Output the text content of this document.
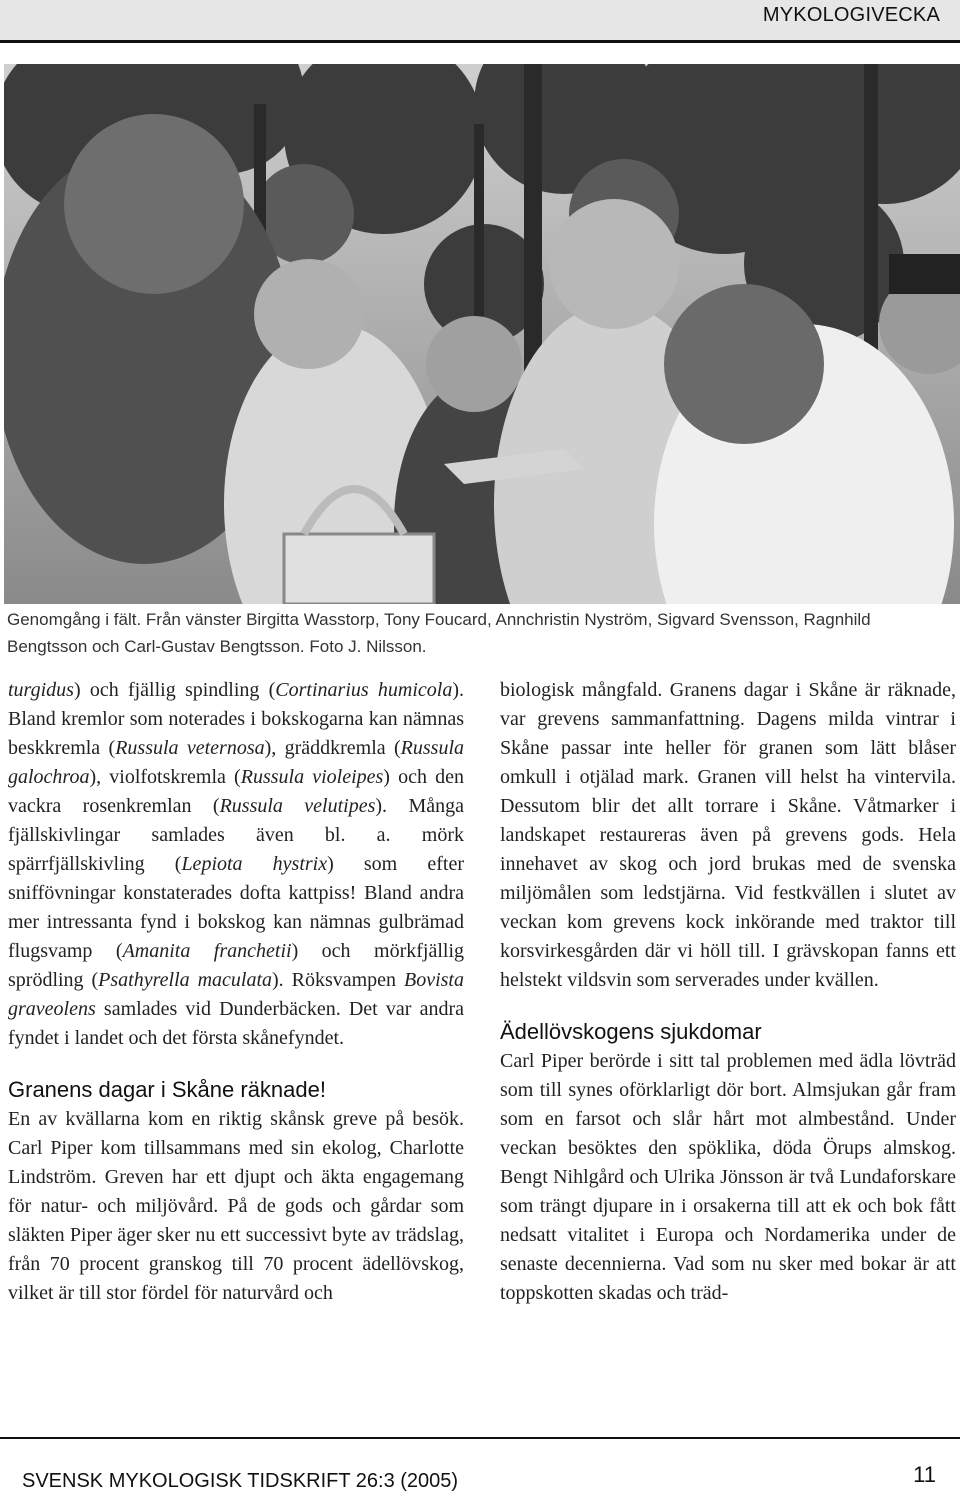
MYKOLOGIVECKA
Genomgång i fält. Från vänster Birgitta Wasstorp, Tony Foucard, Annchristin Nyström, Sigvard Svensson, Ragnhild Bengtsson och Carl-Gustav Bengtsson. Foto J. Nilsson.

turgidus) och fjällig spindling (Cortinarius humicola). Bland kremlor som noterades i bokskogarna kan nämnas beskkremla (Russula veternosa), gräddkremla (Russula galochroa), violfotskremla (Russula violeipes) och den vackra rosenkremlan (Russula velutipes). Många fjällskivlingar samlades även bl. a. mörk spärrfjällskivling (Lepiota hystrix) som efter sniffövningar konstaterades dofta kattpiss! Bland andra mer intressanta fynd i bokskog kan nämnas gulbrämad flugsvamp (Amanita franchetii) och mörkfjällig sprödling (Psathyrella maculata). Röksvampen Bovista graveolens samlades vid Dunderbäcken. Det var andra fyndet i landet och det första skånefyndet.

Granens dagar i Skåne räknade!

En av kvällarna kom en riktig skånsk greve på besök. Carl Piper kom tillsammans med sin ekolog, Charlotte Lindström. Greven har ett djupt och äkta engagemang för natur- och miljövård. På de gods och gårdar som släkten Piper äger sker nu ett successivt byte av trädslag, från 70 procent granskog till 70 procent ädellövskog, vilket är till stor fördel för naturvård och

biologisk mångfald. Granens dagar i Skåne är räknade, var grevens sammanfattning. Dagens milda vintrar i Skåne passar inte heller för granen som lätt blåser omkull i otjälad mark. Granen vill helst ha vintervila. Dessutom blir det allt torrare i Skåne. Våtmarker i landskapet restaureras även på grevens gods. Hela innehavet av skog och jord brukas med de svenska miljömålen som ledstjärna. Vid festkvällen i slutet av veckan kom grevens kock inkörande med traktor till korsvirkesgården där vi höll till. I grävskopan fanns ett helstekt vildsvin som serverades under kvällen.

Ädellövskogens sjukdomar

Carl Piper berörde i sitt tal problemen med ädla lövträd som till synes oförklarligt dör bort. Almsjukan går fram som en farsot och slår hårt mot almbestånd. Under veckan besöktes den spöklika, döda Örups almskog. Bengt Nihlgård och Ulrika Jönsson är två Lundaforskare som trängt djupare in i orsakerna till att ek och bok fått nedsatt vitalitet i Europa och Nordamerika under de senaste decennierna. Vad som nu sker med bokar är att toppskotten skadas och träd-

SVENSK MYKOLOGISK TIDSKRIFT 26:3 (2005)	11
